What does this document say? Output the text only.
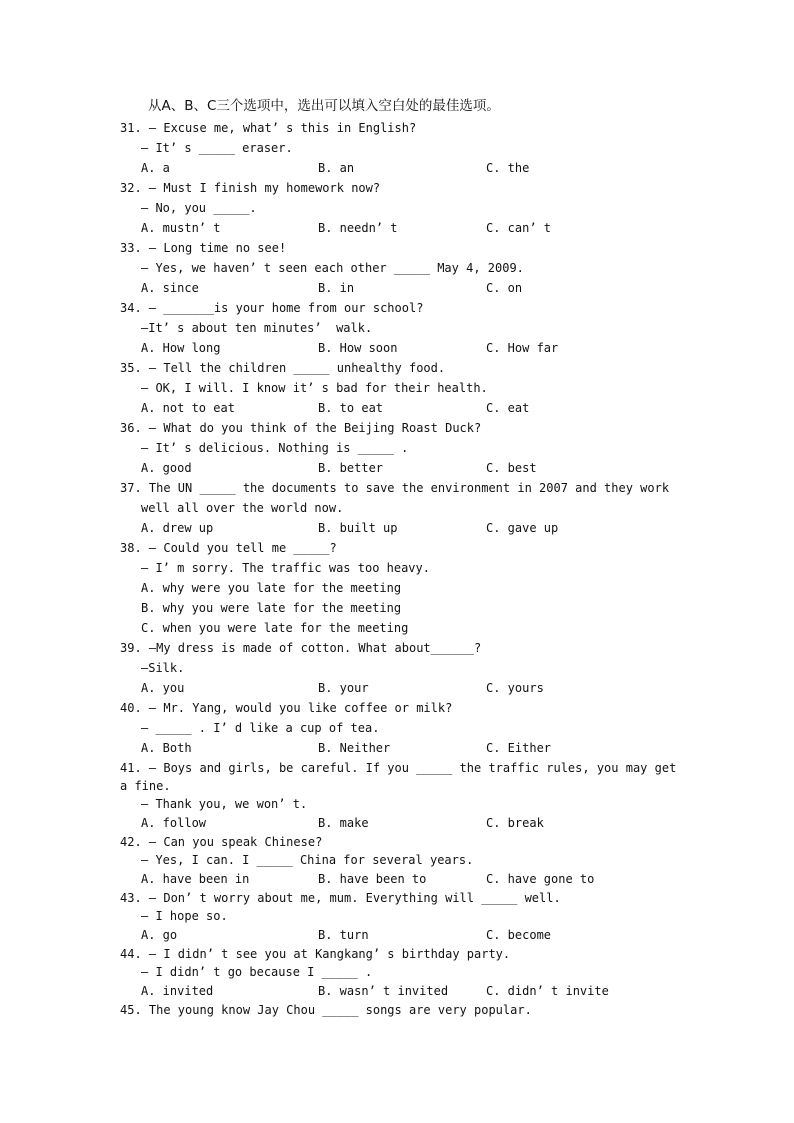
从A、B、C三个选项中，选出可以填入空白处的最佳选项。
31. — Excuse me, what’ s this in English?
— It’ s _____ eraser.
A. a	B. an	C. the
32. — Must I finish my homework now?
— No, you _____.
A. mustn’ t	B. needn’ t	C. can’ t
33. — Long time no see!
— Yes, we haven’ t seen each other _____ May 4, 2009.
A. since	B. in	C. on
34. — _______is your home from our school?
—It’ s about ten minutes’  walk.
A. How long	B. How soon	C. How far
35. — Tell the children _____ unhealthy food.
— OK, I will. I know it’ s bad for their health.
A. not to eat	B. to eat	C. eat
36. — What do you think of the Beijing Roast Duck?
— It’ s delicious. Nothing is _____ .
A. good	B. better	C. best
37. The UN _____ the documents to save the environment in 2007 and they work
well all over the world now.
A. drew up	B. built up	C. gave up
38. — Could you tell me _____?
— I’ m sorry. The traffic was too heavy.
A. why were you late for the meeting
B. why you were late for the meeting
C. when you were late for the meeting
39. —My dress is made of cotton. What about______?
—Silk.
A. you	B. your	C. yours
40. — Mr. Yang, would you like coffee or milk?
— _____ . I’ d like a cup of tea.
A. Both	B. Neither	C. Either
41. — Boys and girls, be careful. If you _____ the traffic rules, you may get
a fine.
— Thank you, we won’ t.
A. follow	B. make	C. break
42. — Can you speak Chinese?
— Yes, I can. I _____ China for several years.
A. have been in	B. have been to	C. have gone to
43. — Don’ t worry about me, mum. Everything will _____ well.
— I hope so.
A. go	B. turn	C. become
44. — I didn’ t see you at Kangkang’ s birthday party.
— I didn’ t go because I _____ .
A. invited	B. wasn’ t invited	C. didn’ t invite
45. The young know Jay Chou _____ songs are very popular.
